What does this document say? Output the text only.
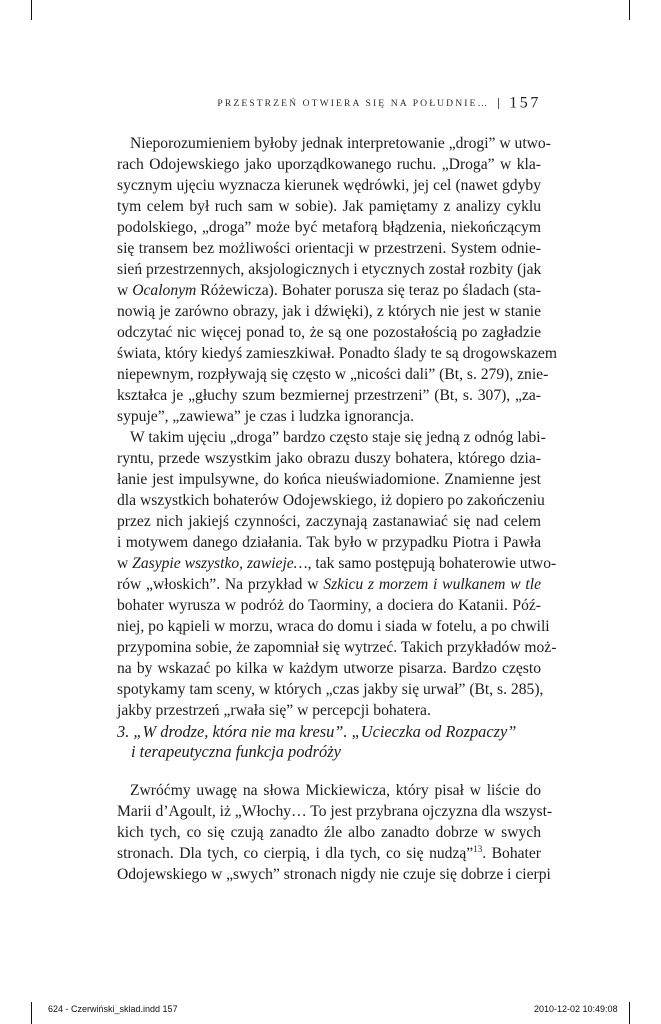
PRZESTRZEŃ OTWIERA SIĘ NA POŁUDNIE… 157
Nieporozumieniem byłoby jednak interpretowanie „drogi” w utwo-
rach Odojewskiego jako uporządkowanego ruchu. „Droga” w kla-
sycznym ujęciu wyznacza kierunek wędrówki, jej cel (nawet gdyby
tym celem był ruch sam w sobie). Jak pamiętamy z analizy cyklu
podolskiego, „droga” może być metaforą błądzenia, niekończącym
się transem bez możliwości orientacji w przestrzeni. System odnie-
sień przestrzennych, aksjologicznych i etycznych został rozbity (jak
w Ocalonym Różewicza). Bohater porusza się teraz po śladach (sta-
nowią je zarówno obrazy, jak i dźwięki), z których nie jest w stanie
odczytać nic więcej ponad to, że są one pozostałością po zagładzie
świata, który kiedyś zamieszkiwał. Ponadto ślady te są drogowskazem
niepewnym, rozpływają się często w „nicości dali” (Bt, s. 279), znie-
kształca je „głuchy szum bezmiernej przestrzeni” (Bt, s. 307), „za-
sypuje”, „zawiewa” je czas i ludzka ignorancja.
W takim ujęciu „droga” bardzo często staje się jedną z odnóg labi-
ryntu, przede wszystkim jako obrazu duszy bohatera, którego dzia-
łanie jest impulsywne, do końca nieuświadomione. Znamienne jest
dla wszystkich bohaterów Odojewskiego, iż dopiero po zakończeniu
przez nich jakiejś czynności, zaczynają zastanawiać się nad celem
i motywem danego działania. Tak było w przypadku Piotra i Pawła
w Zasypie wszystko, zawieje…, tak samo postępują bohaterowie utwo-
rów „włoskich”. Na przykład w Szkicu z morzem i wulkanem w tle
bohater wyrusza w podróż do Taorminy, a dociera do Katanii. Póź-
niej, po kąpieli w morzu, wraca do domu i siada w fotelu, a po chwili
przypomina sobie, że zapomniał się wytrzeć. Takich przykładów moż-
na by wskazać po kilka w każdym utworze pisarza. Bardzo często
spotykamy tam sceny, w których „czas jakby się urwał” (Bt, s. 285),
jakby przestrzeń „rwała się” w percepcji bohatera.
3. „W drodze, która nie ma kresu”. „Ucieczka od Rozpaczy”
i terapeutyczna funkcja podróży
Zwróćmy uwagę na słowa Mickiewicza, który pisał w liście do
Marii d’Agoult, iż „Włochy… To jest przybrana ojczyzna dla wszyst-
kich tych, co się czują zanadto źle albo zanadto dobrze w swych
stronach. Dla tych, co cierpią, i dla tych, co się nudzą”$^{13}$. Bohater
Odojewskiego w „swych” stronach nigdy nie czuje się dobrze i cierpi
624 - Czerwiński_sklad.indd 157	2010-12-02 10:49:08
